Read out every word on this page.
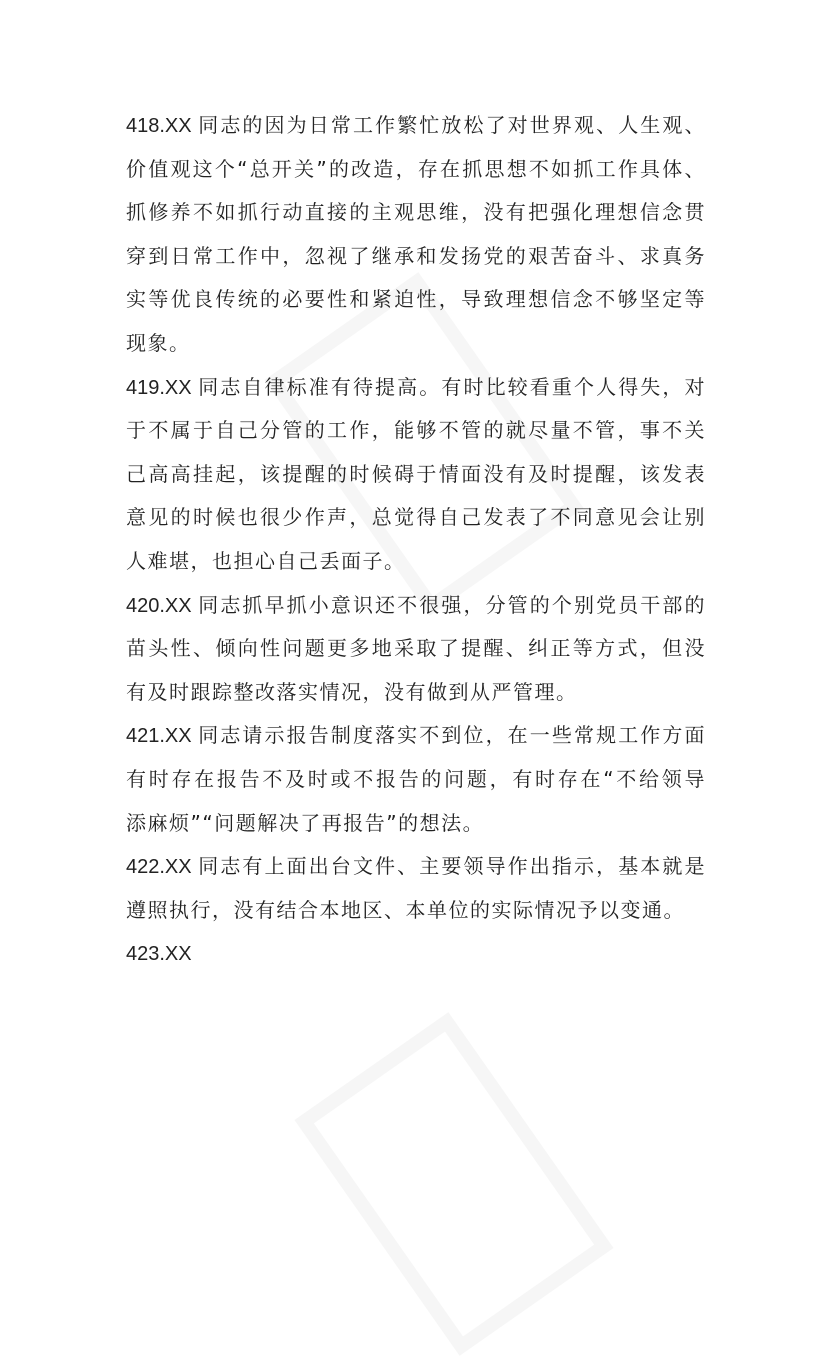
418.XX 同志的因为日常工作繁忙放松了对世界观、人生观、
价值观这个“总开关”的改造，存在抓思想不如抓工作具体、
抓修养不如抓行动直接的主观思维，没有把强化理想信念贯
穿到日常工作中，忽视了继承和发扬党的艰苦奋斗、求真务
实等优良传统的必要性和紧迫性，导致理想信念不够坚定等
现象。
419.XX 同志自律标准有待提高。有时比较看重个人得失，对
于不属于自己分管的工作，能够不管的就尽量不管，事不关
己高高挂起，该提醒的时候碍于情面没有及时提醒，该发表
意见的时候也很少作声，总觉得自己发表了不同意见会让别
人难堪，也担心自己丢面子。
420.XX 同志抓早抓小意识还不很强，分管的个别党员干部的
苗头性、倾向性问题更多地采取了提醒、纠正等方式，但没
有及时跟踪整改落实情况，没有做到从严管理。
421.XX 同志请示报告制度落实不到位，在一些常规工作方面
有时存在报告不及时或不报告的问题，有时存在“不给领导
添麻烦”“问题解决了再报告”的想法。
422.XX 同志有上面出台文件、主要领导作出指示，基本就是
遵照执行，没有结合本地区、本单位的实际情况予以变通。
423.XX
